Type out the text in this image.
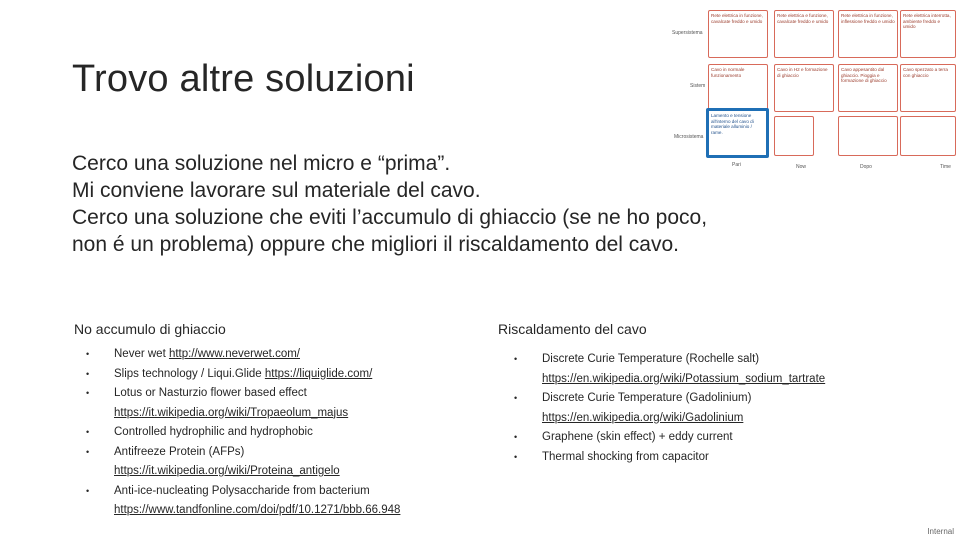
Trovo altre soluzioni
Cerco una soluzione nel micro e “prima”.
Mi conviene lavorare sul materiale del cavo.
Cerco una soluzione che eviti l’accumulo di ghiaccio (se ne ho poco,
non é un problema) oppure che migliori il riscaldamento del cavo.
Supersistema
Sistem
Microsistema
Rete elettrica in funzione, cavalcate freddo e umido
Rete elettrica e funzione, cavalcate freddo e umido
Rete elettrica in funzione, inflessione freddo e umido
Rete elettrica interrotta, ambiente freddo e umido
Cavo in normale funzionamento
Cavo in H2 e formazione di ghiaccio
Cavo appesantito dal ghiaccio. Pioggia e formazione di ghiaccio
Cavo spezzato a terra con ghiaccio
Lamento e tensione all'interno del cavo di materiale alluminio / rame.
Pari	Now	Dopo	Time
No accumulo di ghiaccio
• Never wet http://www.neverwet.com/
• Slips technology / Liqui.Glide https://liquiglide.com/
• Lotus or Nasturzio flower based effect
https://it.wikipedia.org/wiki/Tropaeolum_majus
• Controlled hydrophilic and hydrophobic
• Antifreeze Protein (AFPs)
https://it.wikipedia.org/wiki/Proteina_antigelo
• Anti-ice-nucleating Polysaccharide from bacterium
https://www.tandfonline.com/doi/pdf/10.1271/bbb.66.948
Riscaldamento del cavo
• Discrete Curie Temperature (Rochelle salt)
https://en.wikipedia.org/wiki/Potassium_sodium_tartrate
• Discrete Curie Temperature (Gadolinium)
https://en.wikipedia.org/wiki/Gadolinium
• Graphene (skin effect) + eddy current
• Thermal shocking from capacitor
Internal
